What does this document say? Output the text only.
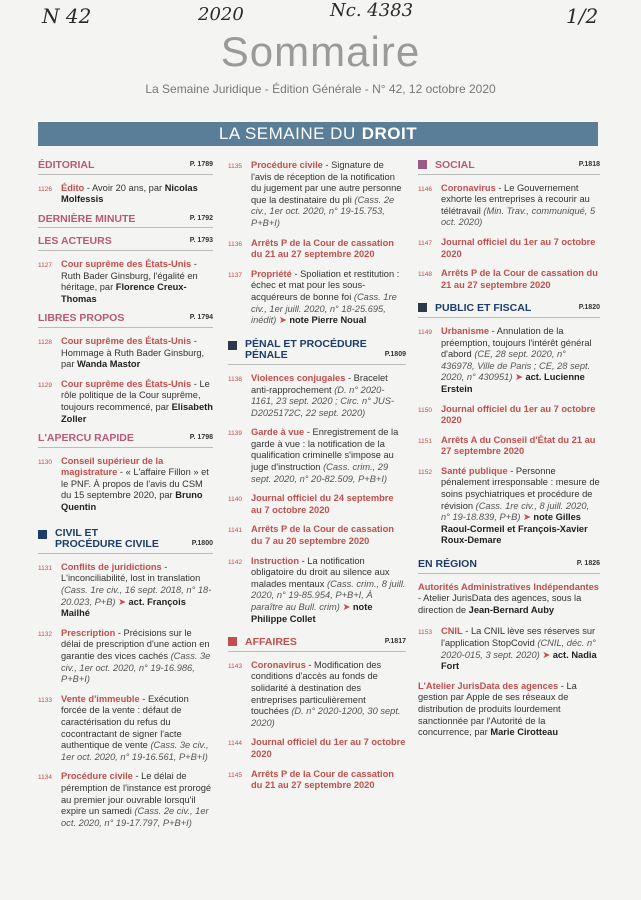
N 42	2020	Nc. 4383	1/2
Sommaire
La Semaine Juridique - Édition Générale - N° 42, 12 octobre 2020
LA SEMAINE DU DROIT
ÉDITORIAL	P. 1789
1126 Édito - Avoir 20 ans, par Nicolas Molfessis
DERNIÈRE MINUTE	P. 1792
LES ACTEURS	P. 1793
1127 Cour suprême des États-Unis - Ruth Bader Ginsburg, l'égalité en héritage, par Florence Creux-Thomas
LIBRES PROPOS	P. 1794
1128 Cour suprême des États-Unis - Hommage à Ruth Bader Ginsburg, par Wanda Mastor
1129 Cour suprême des États-Unis - Le rôle politique de la Cour suprême, toujours recommencé, par Elisabeth Zoller
L'APERCU RAPIDE	P. 1798
1130 Conseil supérieur de la magistrature - « L'affaire Fillon » et le PNF. À propos de l'avis du CSM du 15 septembre 2020, par Bruno Quentin
CIVIL ET PROCÉDURE CIVILE	P.1800
1131 Conflits de juridictions - L'inconciliabilité, lost in translation (Cass. 1re civ., 16 sept. 2018, n° 18-20.023, P+B) ➤ act. François Mailhé
1132 Prescription - Précisions sur le délai de prescription d'une action en garantie des vices cachés (Cass. 3e civ., 1er oct. 2020, n° 19-16.986, P+B+I)
1133 Vente d'immeuble - Exécution forcée de la vente : défaut de caractérisation du refus du cocontractant de signer l'acte authentique de vente (Cass. 3e civ., 1er oct. 2020, n° 19-16.561, P+B+I)
1134 Procédure civile - Le délai de péremption de l'instance est prorogé au premier jour ouvrable lorsqu'il expire un samedi (Cass. 2e civ., 1er oct. 2020, n° 19-17.797, P+B+I)
1135 Procédure civile - Signature de l'avis de réception de la notification du jugement par une autre personne que la destinataire du pli (Cass. 2e civ., 1er oct. 2020, n° 19-15.753, P+B+I)
1136 Arrêts P de la Cour de cassation du 21 au 27 septembre 2020
1137 Propriété - Spoliation et restitution : échec et mat pour les sous-acquéreurs de bonne foi (Cass. 1re civ., 1er juill. 2020, n° 18-25.695, inédit) ➤ note Pierre Noual
PÉNAL ET PROCÉDURE PÉNALE	P.1809
1138 Violences conjugales - Bracelet anti-rapprochement (D. n° 2020-1161, 23 sept. 2020 ; Circ. n° JUS-D2025172C, 22 sept. 2020)
1139 Garde à vue - Enregistrement de la garde à vue : la notification de la qualification criminelle s'impose au juge d'instruction (Cass. crim., 29 sept. 2020, n° 20-82.509, P+B+I)
1140 Journal officiel du 24 septembre au 7 octobre 2020
1141 Arrêts P de la Cour de cassation du 7 au 20 septembre 2020
1142 Instruction - La notification obligatoire du droit au silence aux malades mentaux (Cass. crim., 8 juill. 2020, n° 19-85.954, P+B+I, À paraître au Bull. crim) ➤ note Philippe Collet
AFFAIRES	P.1817
1143 Coronavirus - Modification des conditions d'accès au fonds de solidarité à destination des entreprises particulièrement touchées (D. n° 2020-1200, 30 sept. 2020)
1144 Journal officiel du 1er au 7 octobre 2020
1145 Arrêts P de la Cour de cassation du 21 au 27 septembre 2020
SOCIAL	P.1818
1146 Coronavirus - Le Gouvernement exhorte les entreprises à recourir au télétravail (Min. Trav., communiqué, 5 oct. 2020)
1147 Journal officiel du 1er au 7 octobre 2020
1148 Arrêts P de la Cour de cassation du 21 au 27 septembre 2020
PUBLIC ET FISCAL	P.1820
1149 Urbanisme - Annulation de la préemption, toujours l'intérêt général d'abord (CE, 28 sept. 2020, n° 436978, Ville de Paris ; CE, 28 sept. 2020, n° 430951) ➤ act. Lucienne Erstein
1150 Journal officiel du 1er au 7 octobre 2020
1151 Arrêts A du Conseil d'État du 21 au 27 septembre 2020
1152 Santé publique - Personne pénalement irresponsable : mesure de soins psychiatriques et procédure de révision (Cass. 1re civ., 8 juill. 2020, n° 19-18.839, P+B) ➤ note Gilles Raoul-Cormeil et François-Xavier Roux-Demare
EN RÉGION	P. 1826
Autorités Administratives Indépendantes - Atelier JurisData des agences, sous la direction de Jean-Bernard Auby
1153 CNIL - La CNIL lève ses réserves sur l'application StopCovid (CNIL, déc. n° 2020-015, 3 sept. 2020) ➤ act. Nadia Fort
L'Atelier JurisData des agences - La gestion par Apple de ses réseaux de distribution de produits lourdement sanctionnée par l'Autorité de la concurrence, par Marie Cirotteau
